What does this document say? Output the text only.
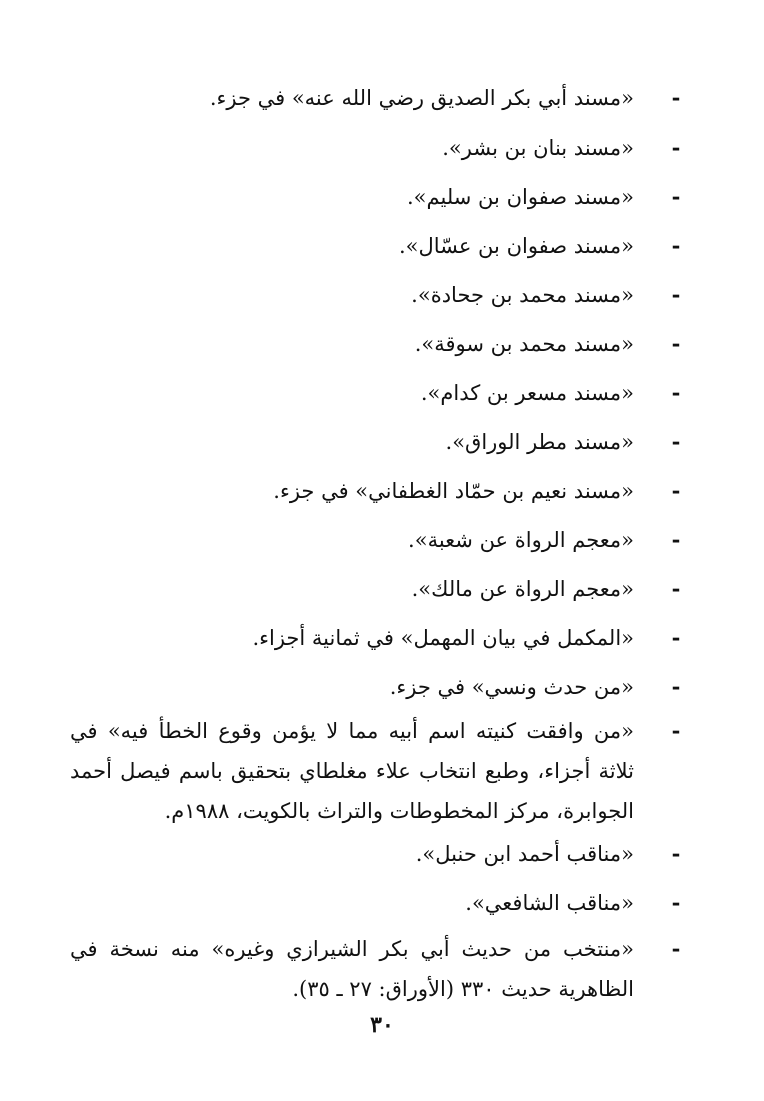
-
«مسند أبي بكر الصديق رضي الله عنه» في جزء.
-
«مسند بنان بن بشر».
-
«مسند صفوان بن سليم».
-
«مسند صفوان بن عسّال».
-
«مسند محمد بن جحادة».
-
«مسند محمد بن سوقة».
-
«مسند مسعر بن كدام».
-
«مسند مطر الوراق».
-
«مسند نعيم بن حمّاد الغطفاني» في جزء.
-
«معجم الرواة عن شعبة».
-
«معجم الرواة عن مالك».
-
«المكمل في بيان المهمل» في ثمانية أجزاء.
-
«من حدث ونسي» في جزء.
-
«من وافقت كنيته اسم أبيه مما لا يؤمن وقوع الخطأ فيه» في ثلاثة أجزاء، وطبع انتخاب علاء مغلطاي بتحقيق باسم فيصل أحمد الجوابرة، مركز المخطوطات والتراث بالكويت، ١٩٨٨م.
-
«مناقب أحمد ابن حنبل».
-
«مناقب الشافعي».
-
«منتخب من حديث أبي بكر الشيرازي وغيره» منه نسخة في الظاهرية حديث ٣٣٠ (الأوراق: ٢٧ ـ ٣٥).
٣٠
